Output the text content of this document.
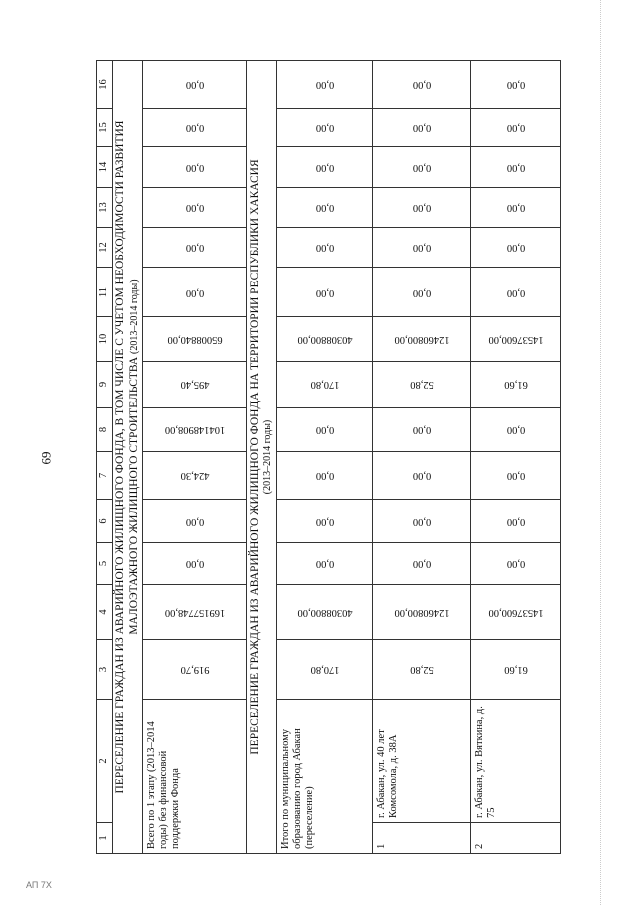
69
АП 7Х
1	2	3	4	5	6	7	8	9	10	11	12	13	14	15	16

ПЕРЕСЕЛЕНИЕ ГРАЖДАН ИЗ АВАРИЙНОГО ЖИЛИЩНОГО ФОНДА, В ТОМ ЧИСЛЕ С УЧЕТОМ НЕОБХОДИМОСТИ РАЗВИТИЯ МАЛОЭТАЖНОГО ЖИЛИЩНОГО СТРОИТЕЛЬСТВА (2013–2014 годы)															

Всего по 1 этапу (2013–2014 годы) без финансовой поддержки Фонда		919,70	169157748,00	0,00	0,00	424,30	104148908,00	495,40	65008840,00	0,00	0,00	0,00	0,00	0,00	0,00

ПЕРЕСЕЛЕНИЕ ГРАЖДАН ИЗ АВАРИЙНОГО ЖИЛИЩНОГО ФОНДА НА ТЕРРИТОРИИ РЕСПУБЛИКИ ХАКАСИЯ (2013–2014 годы)															

Итого по муниципальному образованию город Абакан (переселение)		170,80	40308800,00	0,00	0,00	0,00	0,00	170,80	40308800,00	0,00	0,00	0,00	0,00	0,00	0,00

1	г. Абакан, ул. 40 лет Комсомола, д. 38А	52,80	12460800,00	0,00	0,00	0,00	0,00	52,80	12460800,00	0,00	0,00	0,00	0,00	0,00	0,00

2	г. Абакан, ул. Вяткина, д. 75	61,60	14537600,00	0,00	0,00	0,00	0,00	61,60	14537600,00	0,00	0,00	0,00	0,00	0,00	0,00
